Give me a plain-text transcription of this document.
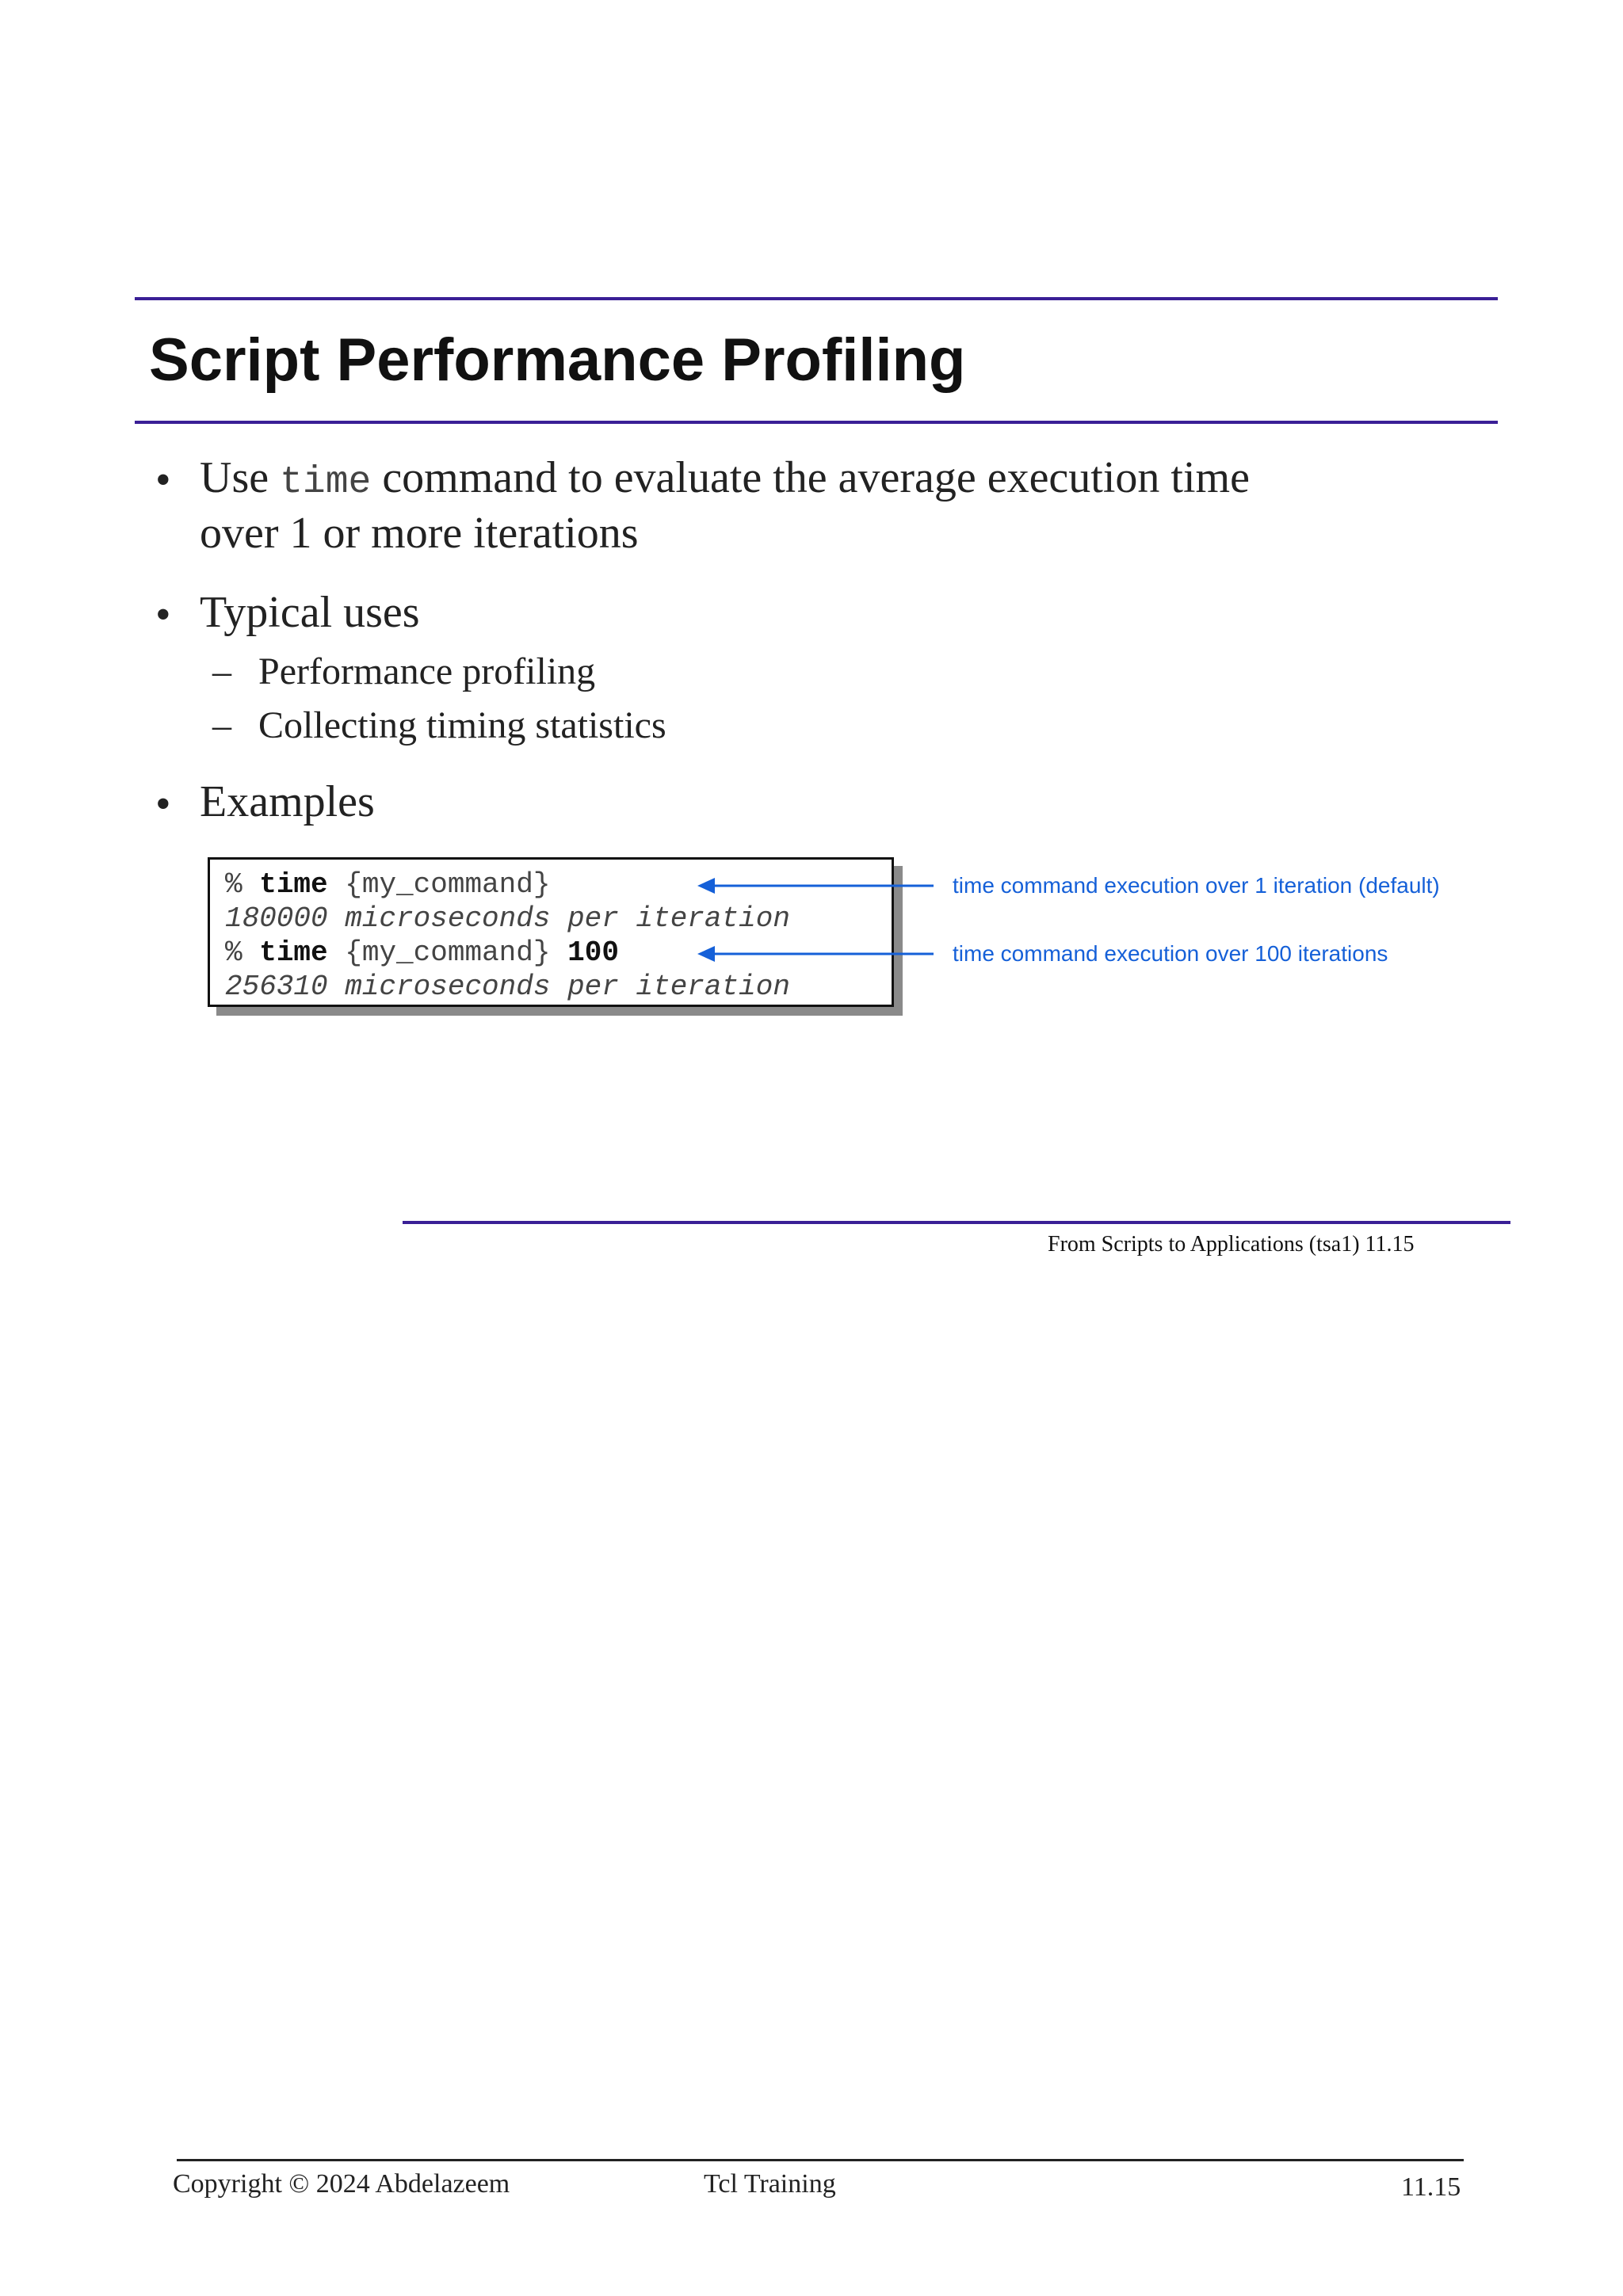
Script Performance Profiling
• Use time command to evaluate the average execution time
over 1 or more iterations
• Typical uses
– Performance profiling
– Collecting timing statistics
• Examples
% time {my_command}
180000 microseconds per iteration
% time {my_command} 100
256310 microseconds per iteration
time command execution over 1 iteration (default)
time command execution over 100 iterations
From Scripts to Applications (tsa1) 11.15
Copyright © 2024 Abdelazeem	Tcl Training	11.15
